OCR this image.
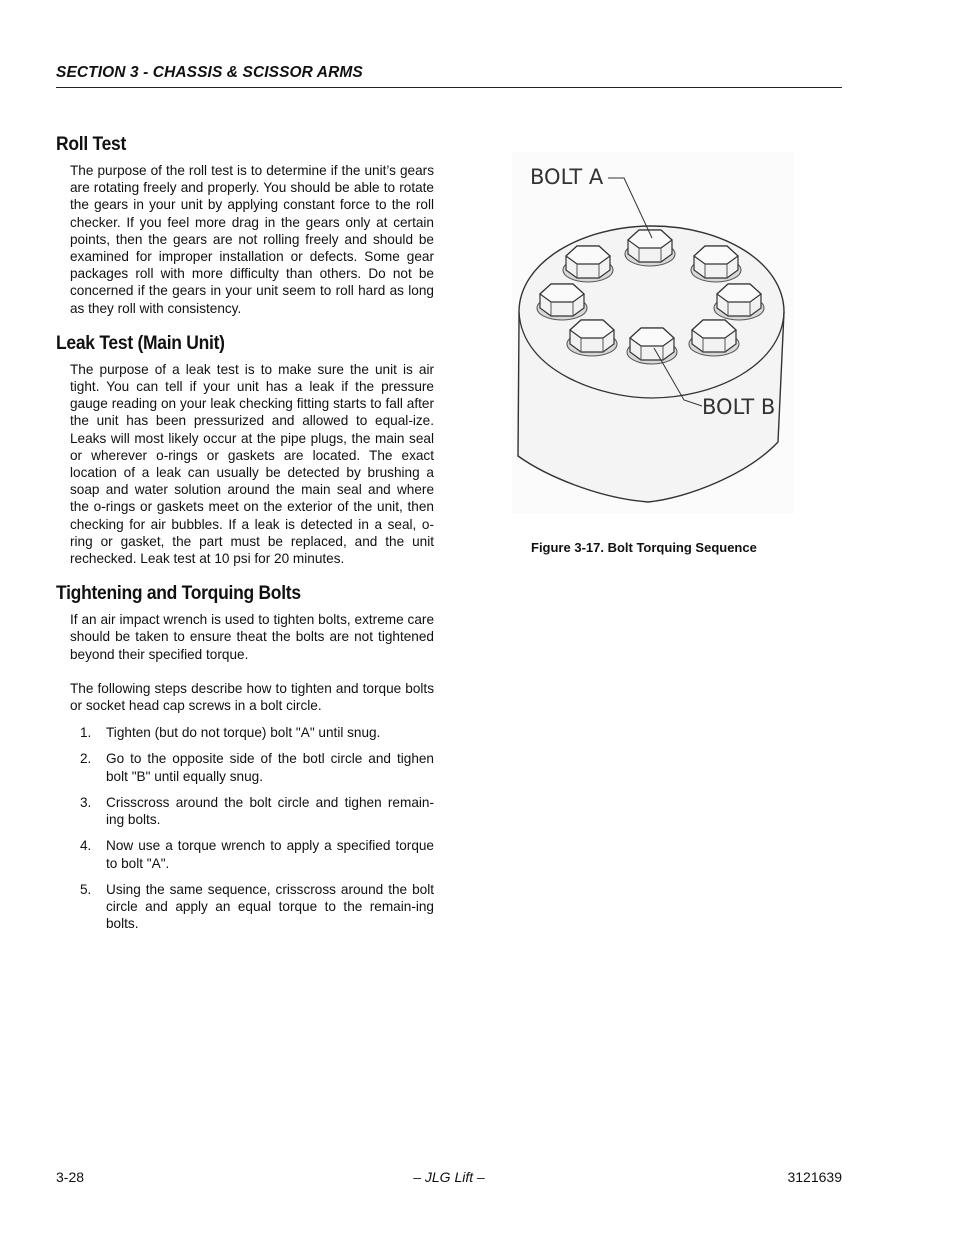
SECTION 3 - CHASSIS & SCISSOR ARMS
Roll Test

The purpose of the roll test is to determine if the unit’s gears are rotating freely and properly. You should be able to rotate the gears in your unit by applying constant force to the roll checker. If you feel more drag in the gears only at certain points, then the gears are not rolling freely and should be examined for improper installation or defects. Some gear packages roll with more difficulty than others. Do not be concerned if the gears in your unit seem to roll hard as long as they roll with consistency.

Leak Test (Main Unit)

The purpose of a leak test is to make sure the unit is air tight. You can tell if your unit has a leak if the pressure gauge reading on your leak checking fitting starts to fall after the unit has been pressurized and allowed to equal-ize. Leaks will most likely occur at the pipe plugs, the main seal or wherever o-rings or gaskets are located. The exact location of a leak can usually be detected by brushing a soap and water solution around the main seal and where the o-rings or gaskets meet on the exterior of the unit, then checking for air bubbles. If a leak is detected in a seal, o-ring or gasket, the part must be replaced, and the unit rechecked. Leak test at 10 psi for 20 minutes.

Tightening and Torquing Bolts

If an air impact wrench is used to tighten bolts, extreme care should be taken to ensure theat the bolts are not tightened beyond their specified torque.

The following steps describe how to tighten and torque bolts or socket head cap screws in a bolt circle.

1. Tighten (but do not torque) bolt "A" until snug.
2. Go to the opposite side of the botl circle and tighen bolt "B" until equally snug.
3. Crisscross around the bolt circle and tighen remain-ing bolts.
4. Now use a torque wrench to apply a specified torque to bolt "A".
5. Using the same sequence, crisscross around the bolt circle and apply an equal torque to the remain-ing bolts.
BOLT A
BOLT B
Figure 3-17. Bolt Torquing Sequence
3-28	– JLG Lift –	3121639
